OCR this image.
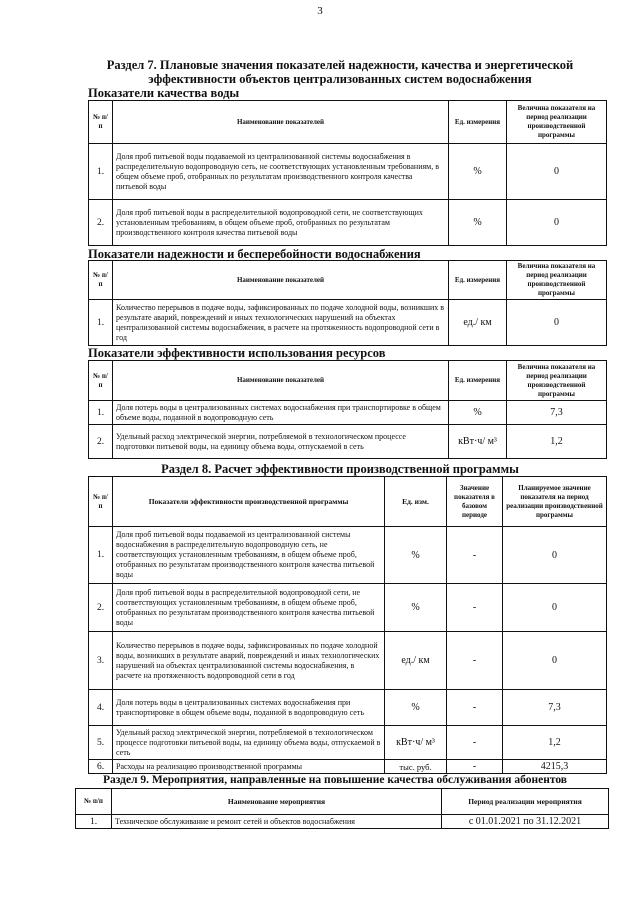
3
Раздел 7. Плановые значения показателей надежности, качества и энергетической
эффективности объектов централизованных систем водоснабжения
Показатели качества воды
№ п/п	Наименование показателей	Ед. измерения	Величина показателя на период реализации производственной программы
1.	Доля проб питьевой воды подаваемой из централизованной системы водоснабжения в распределительную водопроводную сеть, не соответствующих установленным требованиям, в общем объеме проб, отобранных по результатам производственного контроля качества питьевой воды	%	0
2.	Доля проб питьевой воды в распределительной водопроводной сети, не соответствующих установленным требованиям, в общем объеме проб, отобранных по результатам производственного контроля качества питьевой воды	%	0
Показатели надежности и бесперебойности водоснабжения
№ п/п	Наименование показателей	Ед. измерения	Величина показателя на период реализации производственной программы
1.	Количество перерывов в подаче воды, зафиксированных по подаче холодной воды, возникших в результате аварий, повреждений и иных технологических нарушений на объектах централизованной системы водоснабжения, в расчете на протяженность водопроводной сети в год	ед./ км	0
Показатели эффективности использования ресурсов
№ п/п	Наименование показателей	Ед. измерения	Величина показателя на период реализации производственной программы
1.	Доля потерь воды в централизованных системах водоснабжения при транспортировке в общем объеме воды, поданной в водопроводную сеть	%	7,3
2.	Удельный расход электрической энергии, потребляемой в технологическом процессе подготовки питьевой воды, на единицу объема воды, отпускаемой в сеть	кВт·ч/ м³	1,2
Раздел 8. Расчет эффективности производственной программы
№ п/п	Показатели эффективности производственной программы	Ед. изм.	Значение показателя в базовом периоде	Планируемое значение показателя на период реализации производственной программы
1.	Доля проб питьевой воды подаваемой из централизованной системы водоснабжения в распределительную водопроводную сеть, не соответствующих установленным требованиям, в общем объеме проб, отобранных по результатам производственного контроля качества питьевой воды	%	-	0
2.	Доля проб питьевой воды в распределительной водопроводной сети, не соответствующих установленным требованиям, в общем объеме проб, отобранных по результатам производственного контроля качества питьевой воды	%	-	0
3.	Количество перерывов в подаче воды, зафиксированных по подаче холодной воды, возникших в результате аварий, повреждений и иных технологических нарушений на объектах централизованной системы водоснабжения, в расчете на протяженность водопроводной сети в год	ед./ км	-	0
4.	Доля потерь воды в централизованных системах водоснабжения при транспортировке в общем объеме воды, поданной в водопроводную сеть	%	-	7,3
5.	Удельный расход электрической энергии, потребляемой в технологическом процессе подготовки питьевой воды, на единицу объема воды, отпускаемой в сеть	кВт·ч/ м³	-	1,2
6.	Расходы на реализацию производственной программы	тыс. руб.	-	4215,3
Раздел 9. Мероприятия, направленные на повышение качества обслуживания абонентов
№ п/п	Наименование мероприятия	Период реализации мероприятия
1.	Техническое обслуживание и ремонт сетей и объектов водоснабжения	с 01.01.2021 по 31.12.2021
